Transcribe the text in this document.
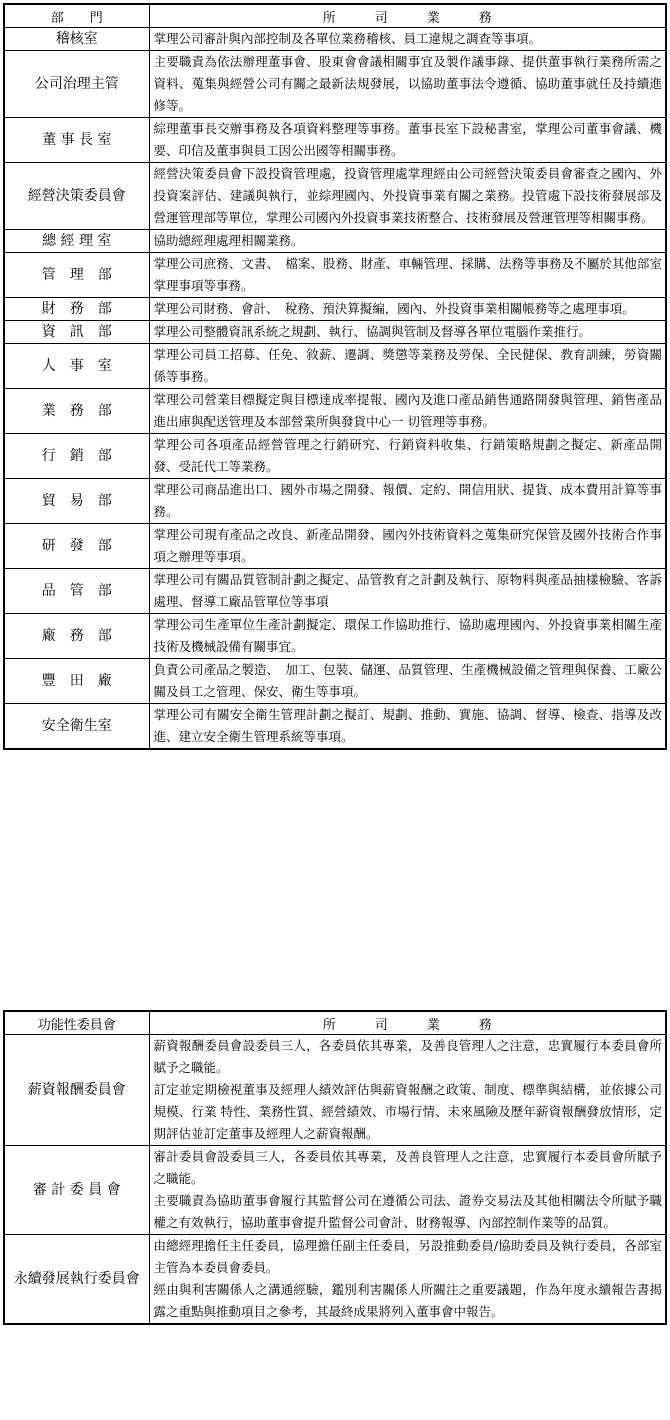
部　　門	所　　　司　　　業　　　務
稽核室	掌理公司審計與內部控制及各單位業務稽核、員工違規之調查等事項。
公司治理主管	主要職責為依法辦理董事會、股東會會議相關事宜及製作議事錄、提供董事執行業務所需之資料、蒐集與經營公司有關之最新法規發展，以協助董事法令遵循、協助董事就任及持續進修等。
董 事 長 室	綜理董事長交辦事務及各項資料整理等事務。董事長室下設秘書室，掌理公司董事會議、機要、印信及董事與員工因公出國等相關事務。
經營決策委員會	經營決策委員會下設投資管理處，投資管理處掌理經由公司經營決策委員會審查之國內、外投資案評估、建議與執行，並綜理國內、外投資事業有關之業務。投管處下設技術發展部及營運管理部等單位，掌理公司國內外投資事業技術整合、技術發展及營運管理等相關事務。
總 經 理 室	協助總經理處理相關業務。
管　理　部	掌理公司庶務、文書、　檔案、股務、財產、車輛管理、採購、法務等事務及不屬於其他部室掌理事項等事務。
財　務　部	掌理公司財務、會計、　稅務、預決算擬編，國內、外投資事業相關帳務等之處理事項。
資　訊　部	掌理公司整體資訊系統之規劃、執行、協調與管制及督導各單位電腦作業推行。
人　事　室	掌理公司員工招募、任免、敘薪、遷調、獎懲等業務及勞保、全民健保、教育訓練，勞資關係等事務。
業　務　部	掌理公司營業目標擬定與目標達成率提報、國內及進口產品銷售通路開發與管理、銷售產品進出庫與配送管理及本部營業所與發貨中心一 切管理等事務。
行　銷　部	掌理公司各項產品經營管理之行銷研究、行銷資料收集、行銷策略規劃之擬定、新產品開發、受託代工等業務。
貿　易　部	掌理公司商品進出口、國外市場之開發、報價、定約、開信用狀、提貨、成本費用計算等事務。
研　發　部	掌理公司現有產品之改良、新產品開發、國內外技術資料之蒐集研究保管及國外技術合作事項之辦理等事項。
品　管　部	掌理公司有關品質管制計劃之擬定、品管教育之計劃及執行、原物料與產品抽樣檢驗、客訴處理、督導工廠品管單位等事項
廠　務　部	掌理公司生產單位生產計劃擬定、環保工作協助推行、協助處理國內、外投資事業相關生產技術及機械設備有關事宜。
豐　田　廠	負責公司產品之製造、　加工、包裝、儲運、品質管理、生產機械設備之管理與保養、工廠公關及員工之管理、保安、衛生等事項。
安全衛生室	掌理公司有關安全衛生管理計劃之擬訂、規劃、推動、實施、協調、督導、檢查、指導及改進、建立安全衛生管理系統等事項。
功能性委員會	所　　　司　　　業　　　務
薪資報酬委員會	薪資報酬委員會設委員三人，各委員依其專業，及善良管理人之注意，忠實履行本委員會所賦予之職能。
訂定並定期檢視董事及經理人績效評估與薪資報酬之政策、制度、標準與結構，並依據公司規模、行業 特性、業務性質、經營績效、市場行情、未來風險及歷年薪資報酬發放情形，定期評估並訂定董事及經理人之薪資報酬。

審 計 委 員 會	審計委員會設委員三人，各委員依其專業，及善良管理人之注意，忠實履行本委員會所賦予之職能。
主要職責為協助董事會履行其監督公司在遵循公司法、證券交易法及其他相關法令所賦予職權之有效執行，協助董事會提升監督公司會計、財務報導、內部控制作業等的品質。

永續發展執行委員會	由總經理擔任主任委員，協理擔任副主任委員，另設推動委員/協助委員及執行委員，各部室主管為本委員會委員。
經由與利害關係人之溝通經驗，鑑別利害關係人所關注之重要議題，作為年度永續報告書揭露之重點與推動項目之參考，其最終成果將列入董事會中報告。
